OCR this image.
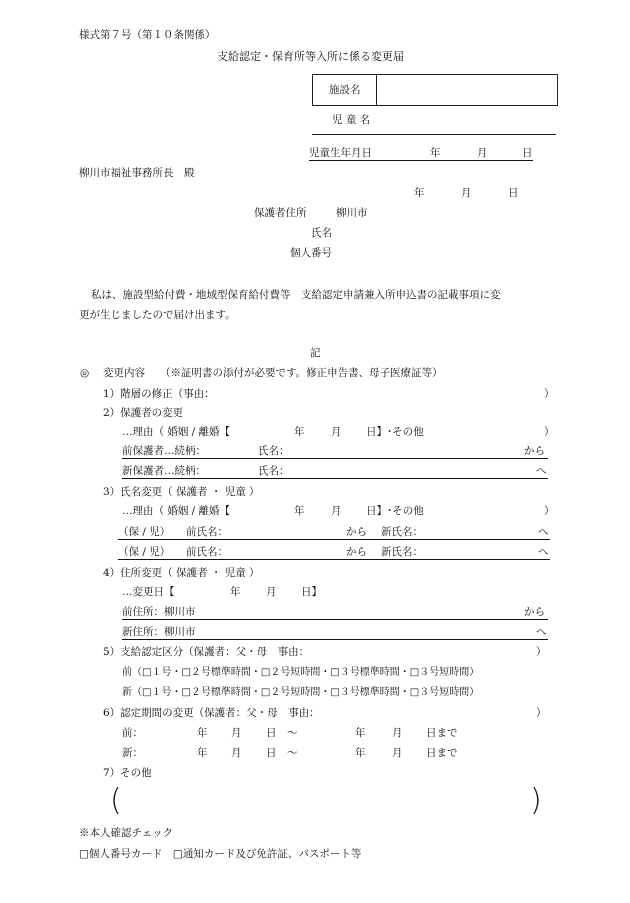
様式第７号（第１０条関係）
支給認定・保育所等入所に係る変更届
施設名
児 童 名
児童生年月日	年	月	日
柳川市福祉事務所長　殿
年	月	日
保護者住所	柳川市
氏名
個人番号
私は、施設型給付費・地域型保育給付費等　支給認定申請兼入所申込書の記載事項に変
更が生じましたので届け出ます。
記
◎ 変更内容 （※証明書の添付が必要です。修正申告書、母子医療証等）
1）階層の修正（事由：	）
2）保護者の変更
…理由（ 婚姻 / 離婚【	年	月 日】･その他	）
前保護者…続柄：	氏名：	から
新保護者…続柄：	氏名：	へ
3）氏名変更（ 保護者 ・ 児童 ）
…理由（ 婚姻 / 離婚【	年	月 日】･その他	）
（保 / 児） 前氏名：	から 新氏名：	へ
（保 / 児） 前氏名：	から 新氏名：	へ
4）住所変更（ 保護者 ・ 児童 ）
…変更日【	年 月 日】
前住所：柳川市	から
新住所：柳川市	へ
5）支給認定区分（保護者：父・母　事由：	）
前（□１号・□２号標準時間・□２号短時間・□３号標準時間・□３号短時間）
新（□１号・□２号標準時間・□２号短時間・□３号標準時間・□３号短時間）
6）認定期間の変更（保護者：父・母　事由：	）
前：	年 月 日 ～	年	月 日まで
新：	年 月 日 ～	年	月 日まで
7）その他
(	)
※本人確認チェック
□個人番号カード　□通知カード及び免許証、パスポート等
